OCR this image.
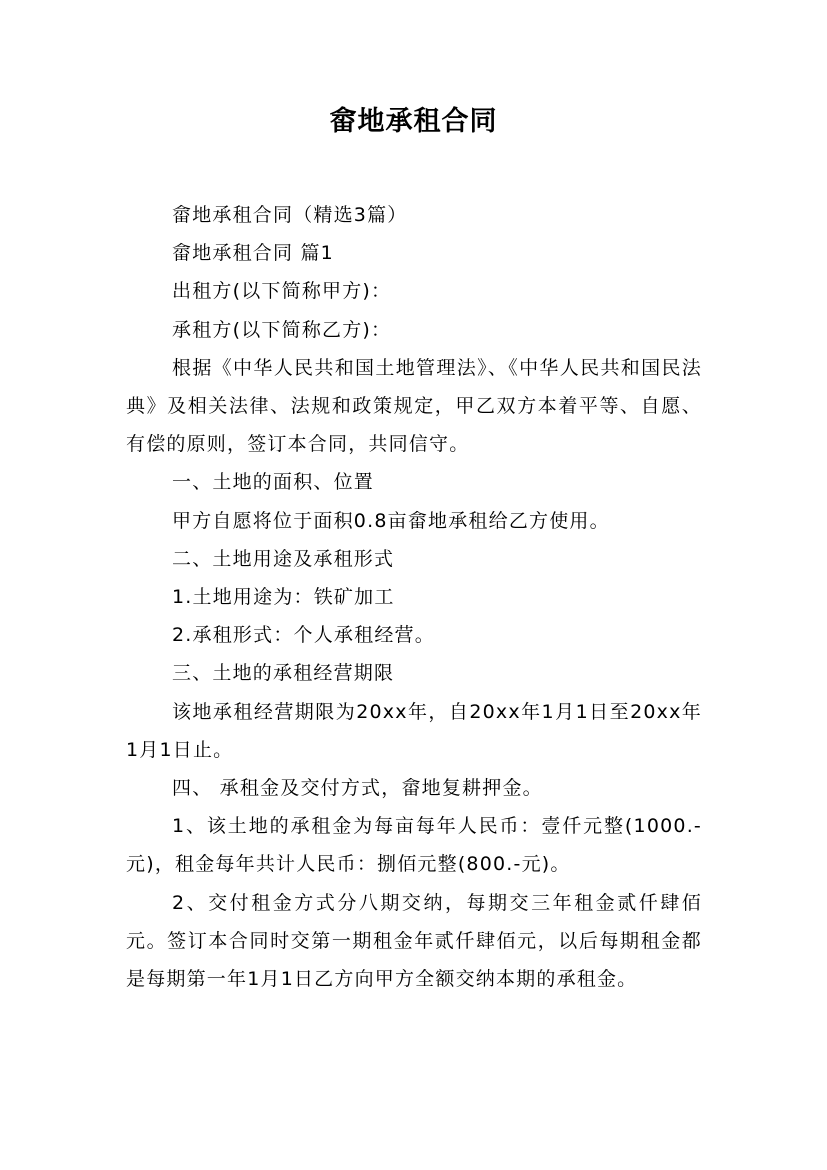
畲地承租合同

畲地承租合同（精选3篇）

畲地承租合同 篇1

出租方(以下简称甲方)：

承租方(以下简称乙方)：

根据《中华人民共和国土地管理法》、《中华人民共和国民法典》及相关法律、法规和政策规定，甲乙双方本着平等、自愿、有偿的原则，签订本合同，共同信守。

一、土地的面积、位置

甲方自愿将位于面积0.8亩畲地承租给乙方使用。

二、土地用途及承租形式

1.土地用途为：铁矿加工

2.承租形式：个人承租经营。

三、土地的承租经营期限

该地承租经营期限为20xx年，自20xx年1月1日至20xx年1月1日止。

四、 承租金及交付方式，畲地复耕押金。

1、该土地的承租金为每亩每年人民币：壹仟元整(1000.-元)，租金每年共计人民币：捌佰元整(800.-元)。

2、交付租金方式分八期交纳，每期交三年租金贰仟肆佰元。签订本合同时交第一期租金年贰仟肆佰元，以后每期租金都是每期第一年1月1日乙方向甲方全额交纳本期的承租金。
